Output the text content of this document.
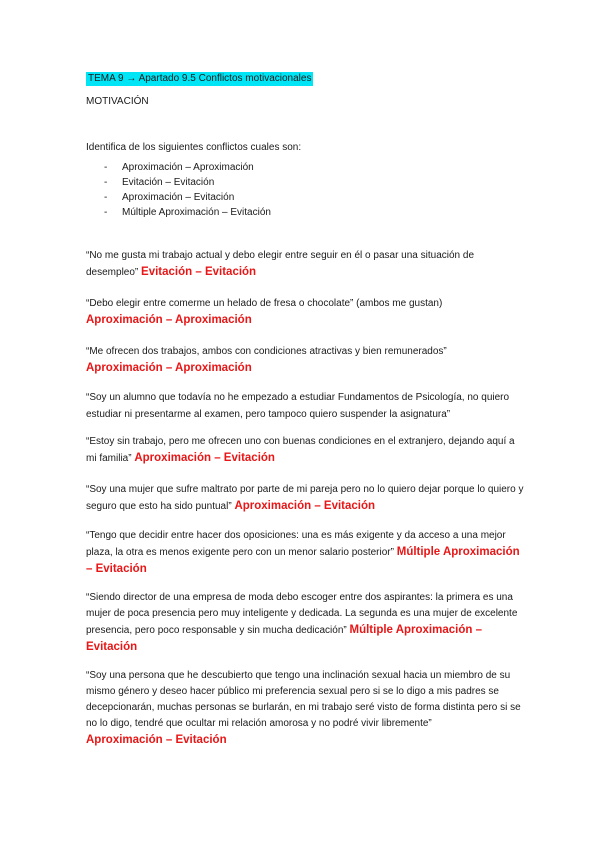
TEMA 9 → Apartado 9.5 Conflictos motivacionales
MOTIVACIÓN
Identifica de los siguientes conflictos cuales son:
- Aproximación – Aproximación
- Evitación – Evitación
- Aproximación – Evitación
- Múltiple Aproximación – Evitación
“No me gusta mi trabajo actual y debo elegir entre seguir en él o pasar una situación de desempleo” Evitación – Evitación
“Debo elegir entre comerme un helado de fresa o chocolate” (ambos me gustan)
Aproximación – Aproximación
“Me ofrecen dos trabajos, ambos con condiciones atractivas y bien remunerados”
Aproximación – Aproximación
“Soy un alumno que todavía no he empezado a estudiar Fundamentos de Psicología, no quiero estudiar ni presentarme al examen, pero tampoco quiero suspender la asignatura”
“Estoy sin trabajo, pero me ofrecen uno con buenas condiciones en el extranjero, dejando aquí a mi familia” Aproximación – Evitación
“Soy una mujer que sufre maltrato por parte de mi pareja pero no lo quiero dejar porque lo quiero y seguro que esto ha sido puntual” Aproximación – Evitación
“Tengo que decidir entre hacer dos oposiciones: una es más exigente y da acceso a una mejor plaza, la otra es menos exigente pero con un menor salario posterior” Múltiple Aproximación – Evitación
“Siendo director de una empresa de moda debo escoger entre dos aspirantes: la primera es una mujer de poca presencia pero muy inteligente y dedicada. La segunda es una mujer de excelente presencia, pero poco responsable y sin mucha dedicación” Múltiple Aproximación – Evitación
“Soy una persona que he descubierto que tengo una inclinación sexual hacia un miembro de su mismo género y deseo hacer público mi preferencia sexual pero si se lo digo a mis padres se decepcionarán, muchas personas se burlarán, en mi trabajo seré visto de forma distinta pero si se no lo digo, tendré que ocultar mi relación amorosa y no podré vivir libremente”
Aproximación – Evitación
